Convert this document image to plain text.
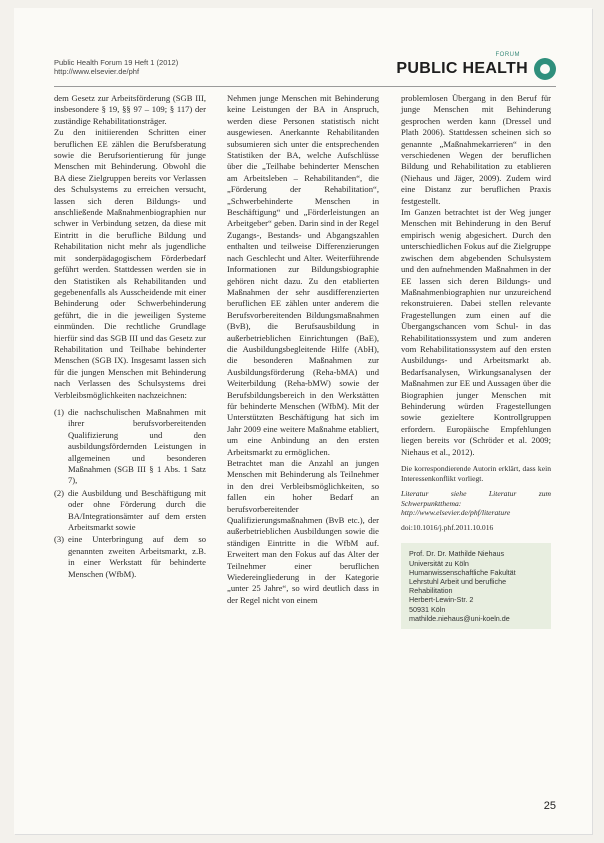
Public Health Forum 19 Heft 1 (2012)
http://www.elsevier.de/phf
FORUM
PUBLIC HEALTH

dem Gesetz zur Arbeitsförderung (SGB III, insbesondere § 19, §§ 97 – 109; § 117) der zuständige Rehabilitationsträger.

Zu den initiierenden Schritten einer beruflichen EE zählen die Berufsberatung sowie die Berufsorientierung für junge Menschen mit Behinderung. Obwohl die BA diese Zielgruppen bereits vor Verlassen des Schulsystems zu erreichen versucht, lassen sich deren Bildungs- und anschließende Maßnahmenbiographien nur schwer in Verbindung setzen, da diese mit Eintritt in die berufliche Bildung und Rehabilitation nicht mehr als jugendliche mit sonderpädagogischem Förderbedarf geführt werden. Stattdessen werden sie in den Statistiken als Rehabilitanden und gegebenenfalls als Ausscheidende mit einer Behinderung oder Schwerbehinderung geführt, die in die jeweiligen Systeme einmünden. Die rechtliche Grundlage hierfür sind das SGB III und das Gesetz zur Rehabilitation und Teilhabe behinderter Menschen (SGB IX). Insgesamt lassen sich für die jungen Menschen mit Behinderung nach Verlassen des Schulsystems drei Verbleibsmöglichkeiten nachzeichnen:

(1) die nachschulischen Maßnahmen mit ihrer berufsvorbereitenden Qualifizierung und den ausbildungsfördernden Leistungen in allgemeinen und besonderen Maßnahmen (SGB III § 1 Abs. 1 Satz 7),
(2) die Ausbildung und Beschäftigung mit oder ohne Förderung durch die BA/Integrationsämter auf dem ersten Arbeitsmarkt sowie
(3) eine Unterbringung auf dem so genannten zweiten Arbeitsmarkt, z.B. in einer Werkstatt für behinderte Menschen (WfbM).

Nehmen junge Menschen mit Behinderung keine Leistungen der BA in Anspruch, werden diese Personen statistisch nicht ausgewiesen. Anerkannte Rehabilitanden subsumieren sich unter die entsprechenden Statistiken der BA, welche Aufschlüsse über die „Teilhabe behinderter Menschen am Arbeitsleben – Rehabilitanden“, die „Förderung der Rehabilitation“, „Schwerbehinderte Menschen in Beschäftigung“ und „Förderleistungen an Arbeitgeber“ geben. Darin sind in der Regel Zugangs-, Bestands- und Abgangszahlen enthalten und teilweise Differenzierungen nach Geschlecht und Alter. Weiterführende Informationen zur Bildungsbiographie gehören nicht dazu. Zu den etablierten Maßnahmen der sehr ausdifferenzierten beruflichen EE zählen unter anderem die Berufsvorbereitenden Bildungsmaßnahmen (BvB), die Berufsausbildung in außerbetrieblichen Einrichtungen (BaE), die Ausbildungsbegleitende Hilfe (AbH), die besonderen Maßnahmen zur Ausbildungsförderung (Reha-bMA) und Weiterbildung (Reha-bMW) sowie der Berufsbildungsbereich in den Werkstätten für behinderte Menschen (WfbM). Mit der Unterstützten Beschäftigung hat sich im Jahr 2009 eine weitere Maßnahme etabliert, um eine Anbindung an den ersten Arbeitsmarkt zu ermöglichen.

Betrachtet man die Anzahl an jungen Menschen mit Behinderung als Teilnehmer in den drei Verbleibsmöglichkeiten, so fallen ein hoher Bedarf an berufsvorbereitender Qualifizierungsmaßnahmen (BvB etc.), der außerbetrieblichen Ausbildungen sowie die ständigen Eintritte in die WfbM auf. Erweitert man den Fokus auf das Alter der Teilnehmer einer beruflichen Wiedereingliederung in der Kategorie „unter 25 Jahre“, so wird deutlich dass in der Regel nicht von einem

problemlosen Übergang in den Beruf für junge Menschen mit Behinderung gesprochen werden kann (Dressel und Plath 2006). Stattdessen scheinen sich so genannte „Maßnahmekarrieren“ in den verschiedenen Wegen der beruflichen Bildung und Rehabilitation zu etablieren (Niehaus und Jäger, 2009). Zudem wird eine Distanz zur beruflichen Praxis festgestellt.

Im Ganzen betrachtet ist der Weg junger Menschen mit Behinderung in den Beruf empirisch wenig abgesichert. Durch den unterschiedlichen Fokus auf die Zielgruppe zwischen dem abgebenden Schulsystem und den aufnehmenden Maßnahmen in der EE lassen sich deren Bildungs- und Maßnahmenbiographien nur unzureichend rekonstruieren. Dabei stellen relevante Fragestellungen zum einen auf die Übergangschancen vom Schul- in das Rehabilitationssystem und zum anderen vom Rehabilitationssystem auf den ersten Ausbildungs- und Arbeitsmarkt ab. Bedarfsanalysen, Wirkungsanalysen der Maßnahmen zur EE und Aussagen über die Biographien junger Menschen mit Behinderung würden Fragestellungen sowie gezieltere Kontrollgruppen erfordern. Europäische Empfehlungen liegen bereits vor (Schröder et al. 2009; Niehaus et al., 2012).

Die korrespondierende Autorin erklärt, dass kein Interessenkonflikt vorliegt.
Literatur siehe Literatur zum Schwerpunktthema:
http://www.elsevier.de/phf/literature
doi:10.1016/j.phf.2011.10.016
Prof. Dr. Dr. Mathilde Niehaus
Universität zu Köln
Humanwissenschaftliche Fakultät
Lehrstuhl Arbeit und berufliche
Rehabilitation
Herbert-Lewin-Str. 2
50931 Köln
mathilde.niehaus@uni-koeln.de
25
